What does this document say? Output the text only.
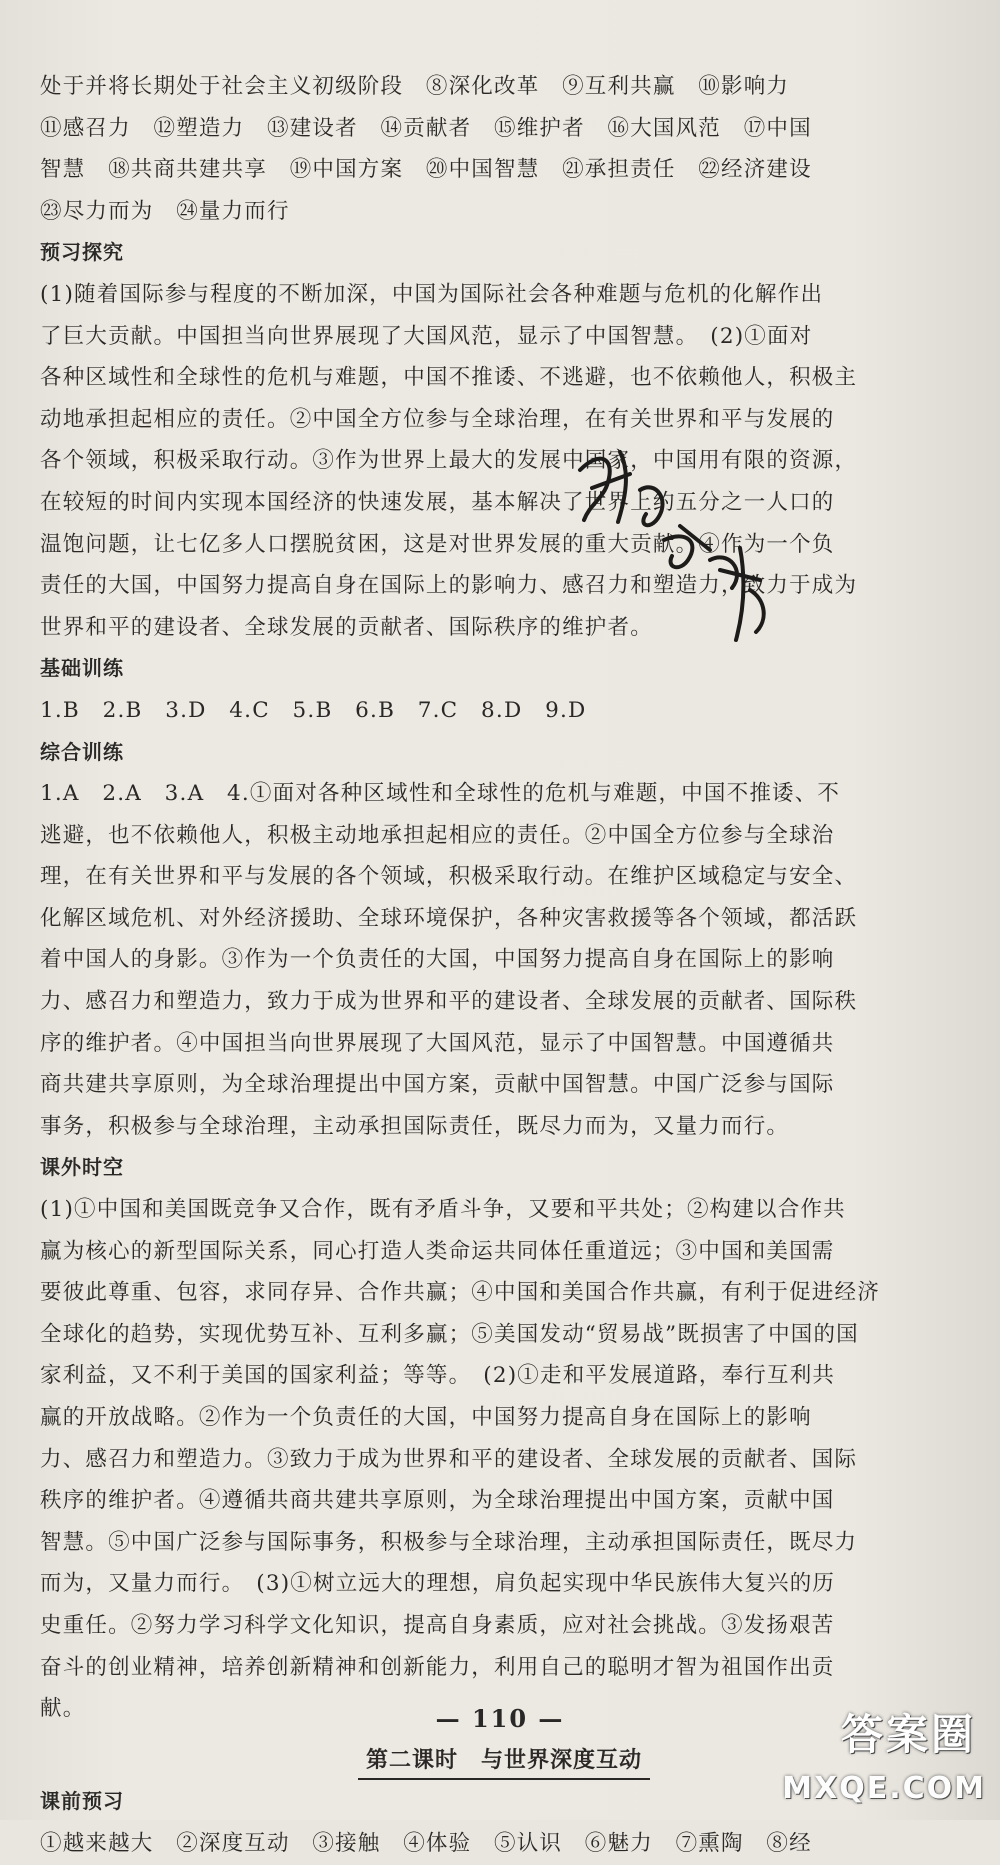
处于并将长期处于社会主义初级阶段　⑧深化改革　⑨互利共赢　⑩影响力

⑪感召力　⑫塑造力　⑬建设者　⑭贡献者　⑮维护者　⑯大国风范　⑰中国

智慧　⑱共商共建共享　⑲中国方案　⑳中国智慧　㉑承担责任　㉒经济建设

㉓尽力而为　㉔量力而行

预习探究

(1)随着国际参与程度的不断加深，中国为国际社会各种难题与危机的化解作出

了巨大贡献。中国担当向世界展现了大国风范，显示了中国智慧。　(2)①面对

各种区域性和全球性的危机与难题，中国不推诿、不逃避，也不依赖他人，积极主

动地承担起相应的责任。②中国全方位参与全球治理，在有关世界和平与发展的

各个领域，积极采取行动。③作为世界上最大的发展中国家，中国用有限的资源，

在较短的时间内实现本国经济的快速发展，基本解决了世界上约五分之一人口的

温饱问题，让七亿多人口摆脱贫困，这是对世界发展的重大贡献。④作为一个负

责任的大国，中国努力提高自身在国际上的影响力、感召力和塑造力，致力于成为

世界和平的建设者、全球发展的贡献者、国际秩序的维护者。

基础训练

1.B　2.B　3.D　4.C　5.B　6.B　7.C　8.D　9.D

综合训练

1.A　2.A　3.A　4.①面对各种区域性和全球性的危机与难题，中国不推诿、不

逃避，也不依赖他人，积极主动地承担起相应的责任。②中国全方位参与全球治

理，在有关世界和平与发展的各个领域，积极采取行动。在维护区域稳定与安全、

化解区域危机、对外经济援助、全球环境保护，各种灾害救援等各个领域，都活跃

着中国人的身影。③作为一个负责任的大国，中国努力提高自身在国际上的影响

力、感召力和塑造力，致力于成为世界和平的建设者、全球发展的贡献者、国际秩

序的维护者。④中国担当向世界展现了大国风范，显示了中国智慧。中国遵循共

商共建共享原则，为全球治理提出中国方案，贡献中国智慧。中国广泛参与国际

事务，积极参与全球治理，主动承担国际责任，既尽力而为，又量力而行。

课外时空

(1)①中国和美国既竞争又合作，既有矛盾斗争，又要和平共处；②构建以合作共

赢为核心的新型国际关系，同心打造人类命运共同体任重道远；③中国和美国需

要彼此尊重、包容，求同存异、合作共赢；④中国和美国合作共赢，有利于促进经济

全球化的趋势，实现优势互补、互利多赢；⑤美国发动“贸易战”既损害了中国的国

家利益，又不利于美国的国家利益；等等。　(2)①走和平发展道路，奉行互利共

赢的开放战略。②作为一个负责任的大国，中国努力提高自身在国际上的影响

力、感召力和塑造力。③致力于成为世界和平的建设者、全球发展的贡献者、国际

秩序的维护者。④遵循共商共建共享原则，为全球治理提出中国方案，贡献中国

智慧。⑤中国广泛参与国际事务，积极参与全球治理，主动承担国际责任，既尽力

而为，又量力而行。　(3)①树立远大的理想，肩负起实现中华民族伟大复兴的历

史重任。②努力学习科学文化知识，提高自身素质，应对社会挑战。③发扬艰苦

奋斗的创业精神，培养创新精神和创新能力，利用自己的聪明才智为祖国作出贡

献。

第二课时　与世界深度互动

课前预习

①越来越大　②深度互动　③接触　④体验　⑤认识　⑥魅力　⑦熏陶　⑧经

— 110 —	答案圈
MXQE.COM
